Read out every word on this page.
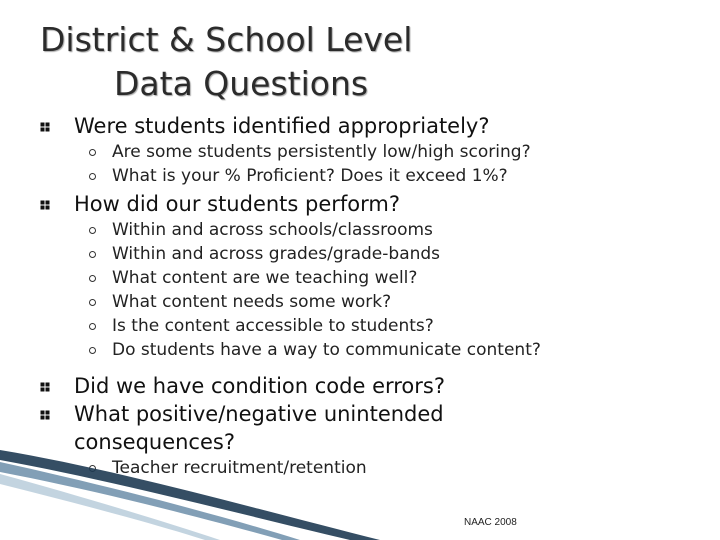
District & School Level
Data Questions
Were students identified appropriately?
Are some students persistently low/high scoring?
What is your % Proficient? Does it exceed 1%?
How did our students perform?
Within and across schools/classrooms
Within and across grades/grade-bands
What content are we teaching well?
What content needs some work?
Is the content accessible to students?
Do students have a way to communicate content?
Did we have condition code errors?
What positive/negative unintended consequences?
Teacher recruitment/retention
NAAC 2008
